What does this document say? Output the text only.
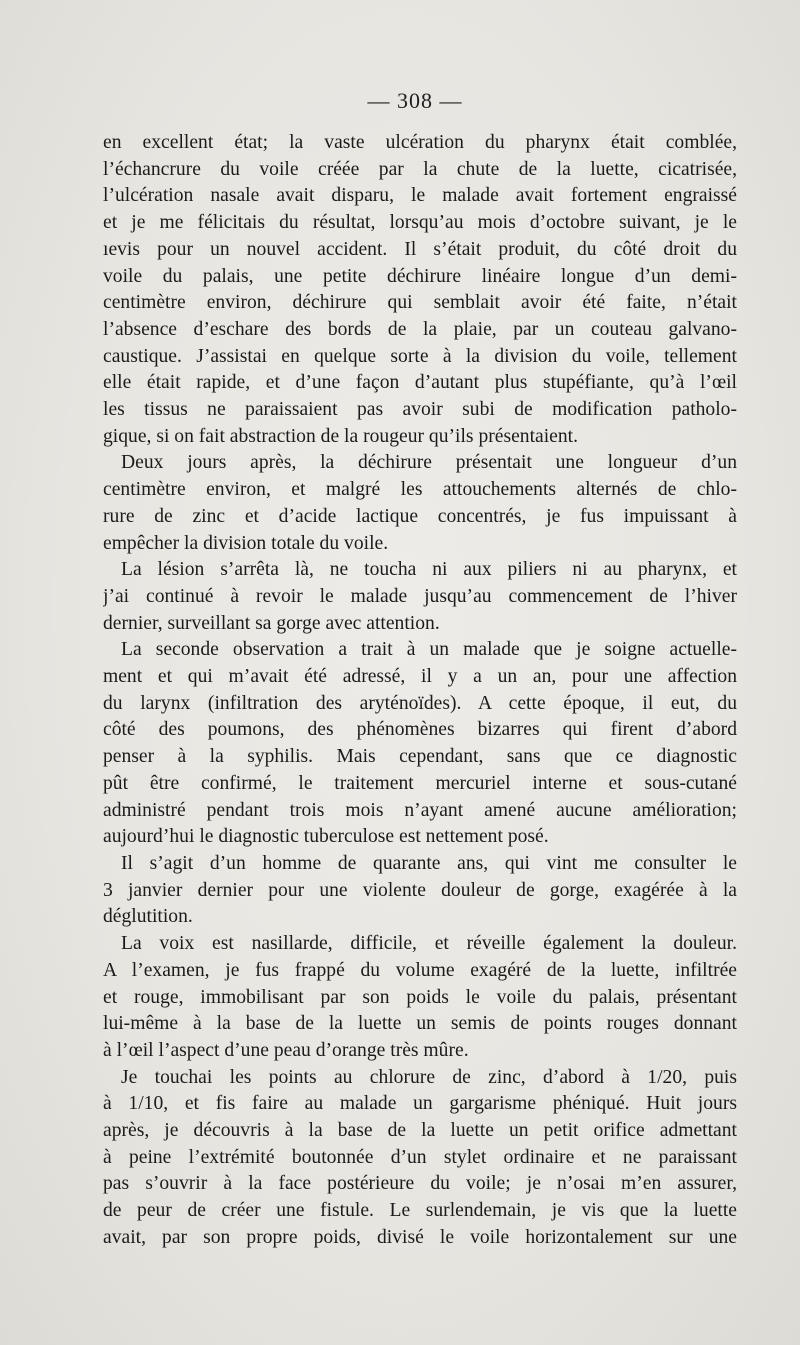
— 308 —

en excellent état; la vaste ulcération du pharynx était comblée,

l’échancrure du voile créée par la chute de la luette, cicatrisée,

l’ulcération nasale avait disparu, le malade avait fortement engraissé

et je me félicitais du résultat, lorsqu’au mois d’octobre suivant, je le

ıevis pour un nouvel accident. Il s’était produit, du côté droit du

voile du palais, une petite déchirure linéaire longue d’un demi-

centimètre environ, déchirure qui semblait avoir été faite, n’était

l’absence d’eschare des bords de la plaie, par un couteau galvano-

caustique. J’assistai en quelque sorte à la division du voile, tellement

elle était rapide, et d’une façon d’autant plus stupéfiante, qu’à l’œil

les tissus ne paraissaient pas avoir subi de modification patholo-

gique, si on fait abstraction de la rougeur qu’ils présentaient.

Deux jours après, la déchirure présentait une longueur d’un

centimètre environ, et malgré les attouchements alternés de chlo-

rure de zinc et d’acide lactique concentrés, je fus impuissant à

empêcher la division totale du voile.

La lésion s’arrêta là, ne toucha ni aux piliers ni au pharynx, et

j’ai continué à revoir le malade jusqu’au commencement de l’hiver

dernier, surveillant sa gorge avec attention.

La seconde observation a trait à un malade que je soigne actuelle-

ment et qui m’avait été adressé, il y a un an, pour une affection

du larynx (infiltration des aryténoïdes). A cette époque, il eut, du

côté des poumons, des phénomènes bizarres qui firent d’abord

penser à la syphilis. Mais cependant, sans que ce diagnostic

pût être confirmé, le traitement mercuriel interne et sous-cutané

administré pendant trois mois n’ayant amené aucune amélioration;

aujourd’hui le diagnostic tuberculose est nettement posé.

Il s’agit d’un homme de quarante ans, qui vint me consulter le

3 janvier dernier pour une violente douleur de gorge, exagérée à la

déglutition.

La voix est nasillarde, difficile, et réveille également la douleur.

A l’examen, je fus frappé du volume exagéré de la luette, infiltrée

et rouge, immobilisant par son poids le voile du palais, présentant

lui-même à la base de la luette un semis de points rouges donnant

à l’œil l’aspect d’une peau d’orange très mûre.

Je touchai les points au chlorure de zinc, d’abord à 1/20, puis

à 1/10, et fis faire au malade un gargarisme phéniqué. Huit jours

après, je découvris à la base de la luette un petit orifice admettant

à peine l’extrémité boutonnée d’un stylet ordinaire et ne paraissant

pas s’ouvrir à la face postérieure du voile; je n’osai m’en assurer,

de peur de créer une fistule. Le surlendemain, je vis que la luette

avait, par son propre poids, divisé le voile horizontalement sur une
